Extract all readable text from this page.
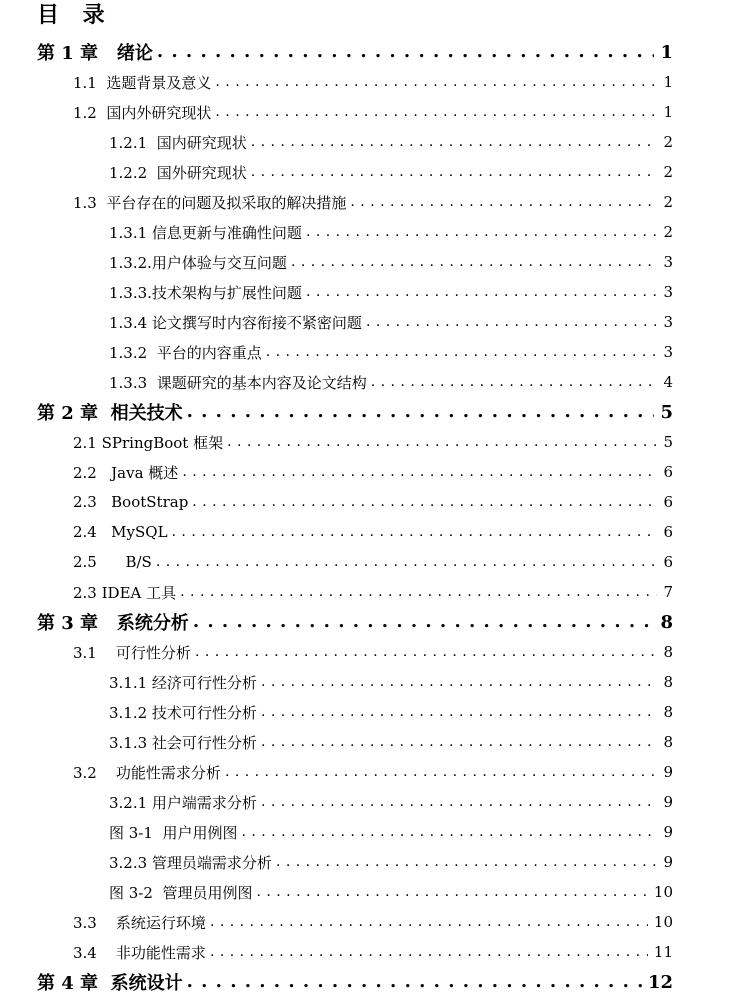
目 录
第 1 章   绪论 . . .	1
1.1  选题背景及意义 . . .	1
1.2  国内外研究现状 . . .	1
1.2.1  国内研究现状 . . .	2
1.2.2  国外研究现状 . . .	2
1.3  平台存在的问题及拟采取的解决措施 . . .	2
1.3.1 信息更新与准确性问题 . . .	2
1.3.2.用户体验与交互问题 . . .	3
1.3.3.技术架构与扩展性问题 . . .	3
1.3.4 论文撰写时内容衔接不紧密问题 . . .	3
1.3.2  平台的内容重点 . . .	3
1.3.3  课题研究的基本内容及论文结构 . . .	4
第 2 章  相关技术 . . .	5
2.1 SPringBoot 框架 . . .	5
2.2   Java 概述 . . .	6
2.3   BootStrap . . .	6
2.4   MySQL . . .	6
2.5      B/S . . .	6
2.3 IDEA 工具 . . .	7
第 3 章   系统分析 . . .	8
3.1    可行性分析 . . .	8
3.1.1 经济可行性分析 . . .	8
3.1.2 技术可行性分析 . . .	8
3.1.3 社会可行性分析 . . .	8
3.2    功能性需求分析 . . .	9
3.2.1 用户端需求分析 . . .	9
图 3-1  用户用例图 . . .	9
3.2.3 管理员端需求分析 . . .	9
图 3-2  管理员用例图 . . .	10
3.3    系统运行环境 . . .	10
3.4    非功能性需求 . . .	11
第 4 章  系统设计 . . .	12
